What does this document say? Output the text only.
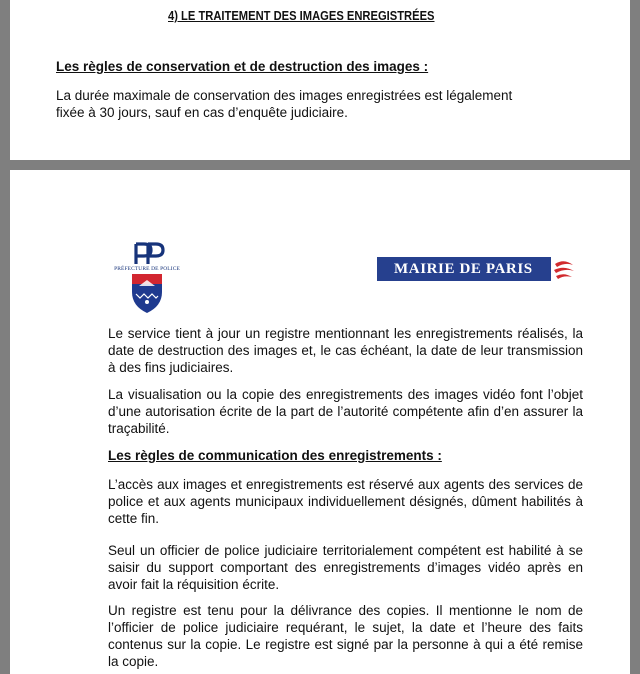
4) LE TRAITEMENT DES IMAGES ENREGISTRÉES
Les règles de conservation et de destruction des images :

La durée maximale de conservation des images enregistrées est légalement
fixée à 30 jours, sauf en cas d’enquête judiciaire.

PRÉFECTURE DE POLICE	MAIRIE DE PARIS

Le service tient à jour un registre mentionnant les enregistrements réalisés, la date de destruction des images et, le cas échéant, la date de leur transmission à des fins judiciaires.

La visualisation ou la copie des enregistrements des images vidéo font l’objet d’une autorisation écrite de la part de l’autorité compétente afin d’en assurer la traçabilité.

Les règles de communication des enregistrements :

L’accès aux images et enregistrements est réservé aux agents des services de police et aux agents municipaux individuellement désignés, dûment habilités à cette fin.

Seul un officier de police judiciaire territorialement compétent est habilité à se saisir du support comportant des enregistrements d’images vidéo après en avoir fait la réquisition écrite.

Un registre est tenu pour la délivrance des copies. Il mentionne le nom de l’officier de police judiciaire requérant, le sujet, la date et l’heure des faits contenus sur la copie. Le registre est signé par la personne à qui a été remise la copie.
